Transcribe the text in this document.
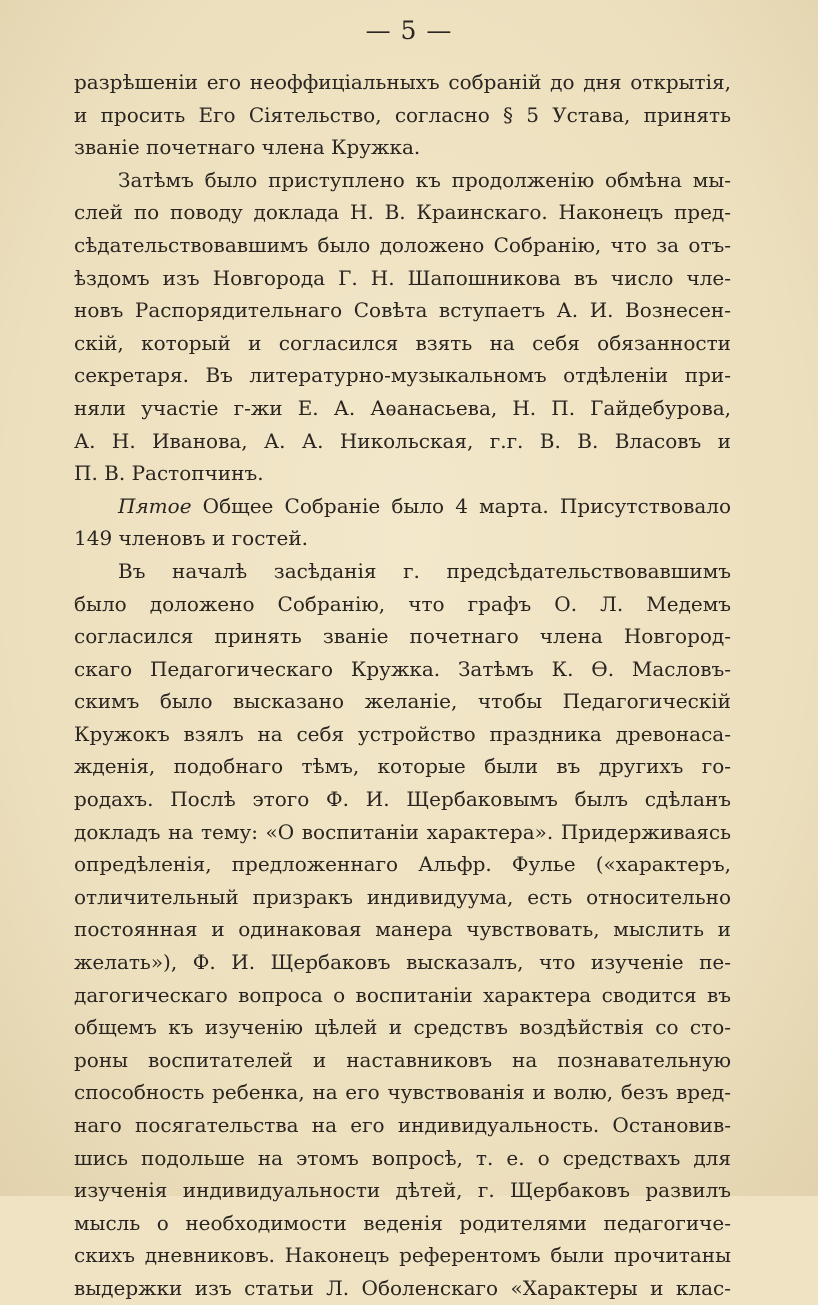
— 5 —
разрѣшеніи его неоффиціальныхъ собраній до дня открытія,
и просить Его Сіятельство, согласно § 5 Устава, принять
званіе почетнаго члена Кружка.
Затѣмъ было приступлено къ продолженію обмѣна мы-
слей по поводу доклада Н. В. Краинскаго. Наконецъ пред-
сѣдательствовавшимъ было доложено Собранію, что за отъ-
ѣздомъ изъ Новгорода Г. Н. Шапошникова въ число чле-
новъ Распорядительнаго Совѣта вступаетъ А. И. Вознесен-
скій, который и согласился взять на себя обязанности
секретаря. Въ литературно-музыкальномъ отдѣленіи при-
няли участіе г-жи Е. А. Аѳанасьева, Н. П. Гайдебурова,
А. Н. Иванова, А. А. Никольская, г.г. В. В. Власовъ и
П. В. Растопчинъ.
Пятое Общее Собраніе было 4 марта. Присутствовало
149 членовъ и гостей.
Въ началѣ засѣданія г. предсѣдательствовавшимъ
было доложено Собранію, что графъ О. Л. Медемъ
согласился принять званіе почетнаго члена Новгород-
скаго Педагогическаго Кружка. Затѣмъ К. Ѳ. Масловъ-
скимъ было высказано желаніе, чтобы Педагогическій
Кружокъ взялъ на себя устройство праздника древонаса-
жденія, подобнаго тѣмъ, которые были въ другихъ го-
родахъ. Послѣ этого Ф. И. Щербаковымъ былъ сдѣланъ
докладъ на тему: «О воспитаніи характера». Придерживаясь
опредѣленія, предложеннаго Альфр. Фулье («характеръ,
отличительный призракъ индивидуума, есть относительно
постоянная и одинаковая манера чувствовать, мыслить и
желать»), Ф. И. Щербаковъ высказалъ, что изученіе пе-
дагогическаго вопроса о воспитаніи характера сводится въ
общемъ къ изученію цѣлей и средствъ воздѣйствія со сто-
роны воспитателей и наставниковъ на познавательную
способность ребенка, на его чувствованія и волю, безъ вред-
наго посягательства на его индивидуальность. Остановив-
шись подольше на этомъ вопросѣ, т. е. о средствахъ для
изученія индивидуальности дѣтей, г. Щербаковъ развилъ
мысль о необходимости веденія родителями педагогиче-
скихъ дневниковъ. Наконецъ референтомъ были прочитаны
выдержки изъ статьи Л. Оболенскаго «Характеры и клас-
